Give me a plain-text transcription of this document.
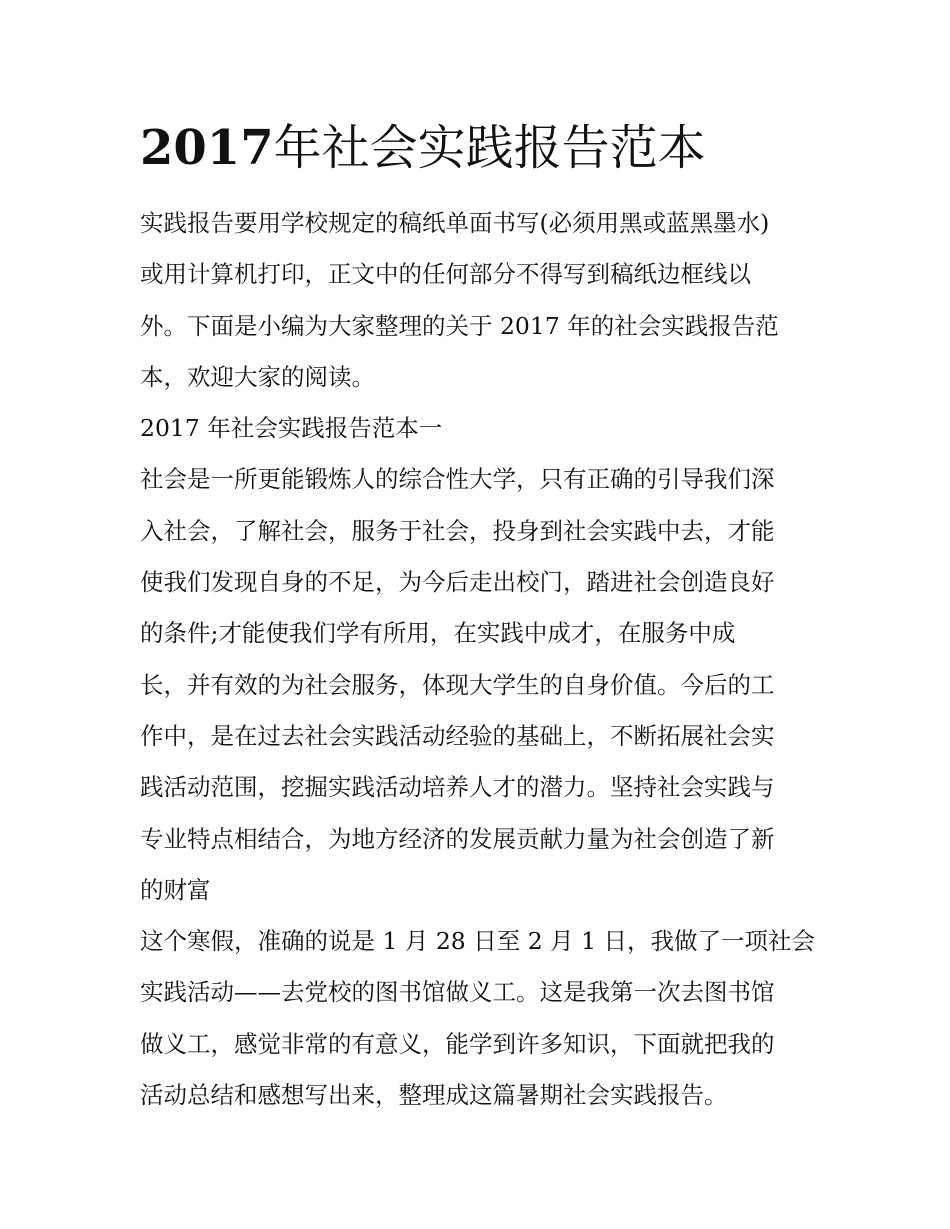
2017年社会实践报告范本
实践报告要用学校规定的稿纸单面书写(必须用黑或蓝黑墨水)
或用计算机打印，正文中的任何部分不得写到稿纸边框线以
外。下面是小编为大家整理的关于 2017 年的社会实践报告范
本，欢迎大家的阅读。
2017 年社会实践报告范本一
社会是一所更能锻炼人的综合性大学，只有正确的引导我们深
入社会，了解社会，服务于社会，投身到社会实践中去，才能
使我们发现自身的不足，为今后走出校门，踏进社会创造良好
的条件;才能使我们学有所用，在实践中成才，在服务中成
长，并有效的为社会服务，体现大学生的自身价值。今后的工
作中，是在过去社会实践活动经验的基础上，不断拓展社会实
践活动范围，挖掘实践活动培养人才的潜力。坚持社会实践与
专业特点相结合，为地方经济的发展贡献力量为社会创造了新
的财富
这个寒假，准确的说是 1 月 28 日至 2 月 1 日，我做了一项社会
实践活动——去党校的图书馆做义工。这是我第一次去图书馆
做义工，感觉非常的有意义，能学到许多知识，下面就把我的
活动总结和感想写出来，整理成这篇暑期社会实践报告。
